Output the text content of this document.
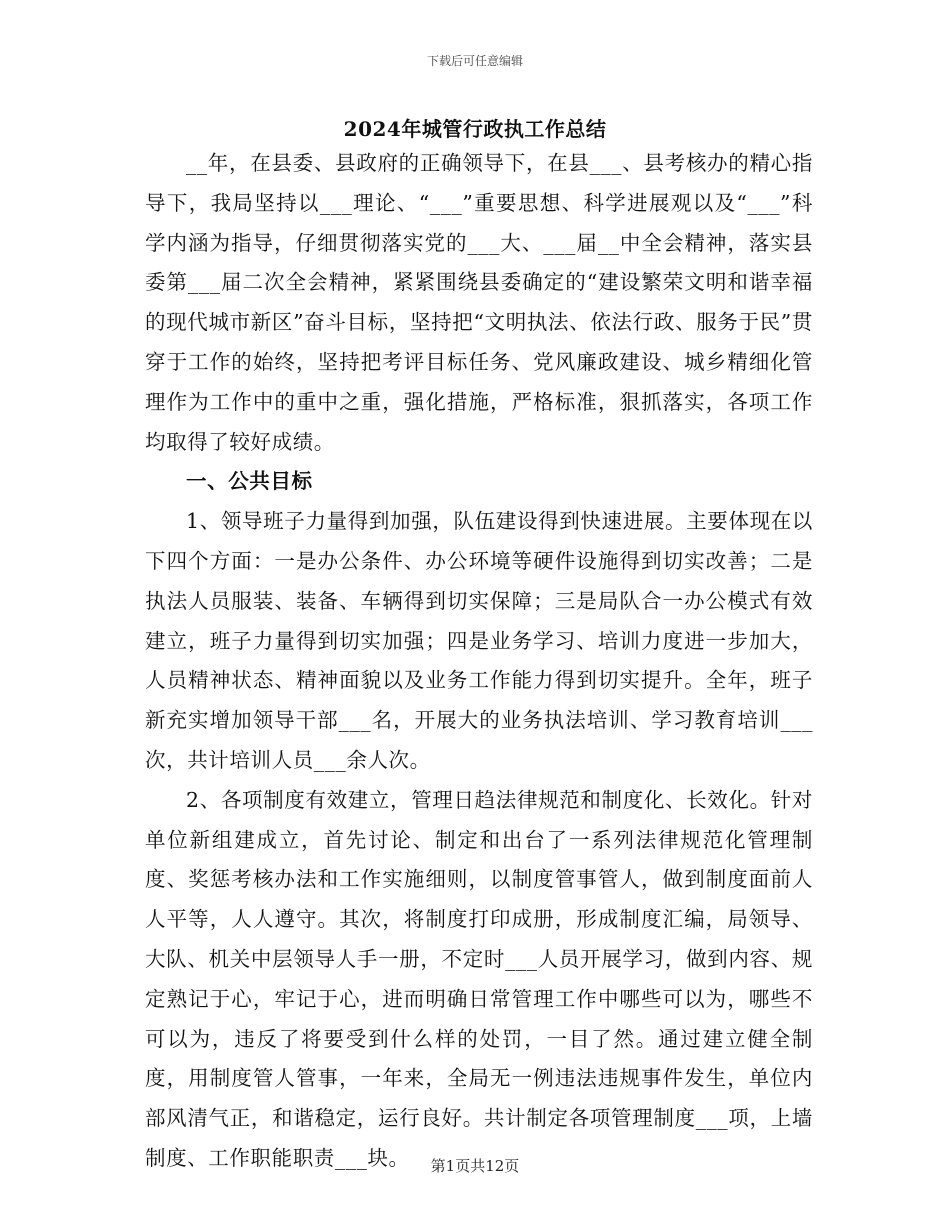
下载后可任意编辑
2024年城管行政执工作总结

__年，在县委、县政府的正确领导下，在县___、县考核办的精心指导下，我局坚持以___理论、“___”重要思想、科学进展观以及“___”科学内涵为指导，仔细贯彻落实党的___大、___届__中全会精神，落实县委第___届二次全会精神，紧紧围绕县委确定的“建设繁荣文明和谐幸福的现代城市新区”奋斗目标，坚持把“文明执法、依法行政、服务于民”贯穿于工作的始终，坚持把考评目标任务、党风廉政建设、城乡精细化管理作为工作中的重中之重，强化措施，严格标准，狠抓落实，各项工作均取得了较好成绩。

一、公共目标

1、领导班子力量得到加强，队伍建设得到快速进展。主要体现在以下四个方面：一是办公条件、办公环境等硬件设施得到切实改善；二是执法人员服装、装备、车辆得到切实保障；三是局队合一办公模式有效建立，班子力量得到切实加强；四是业务学习、培训力度进一步加大，人员精神状态、精神面貌以及业务工作能力得到切实提升。全年，班子新充实增加领导干部___名，开展大的业务执法培训、学习教育培训___次，共计培训人员___余人次。

2、各项制度有效建立，管理日趋法律规范和制度化、长效化。针对单位新组建成立，首先讨论、制定和出台了一系列法律规范化管理制度、奖惩考核办法和工作实施细则，以制度管事管人，做到制度面前人人平等，人人遵守。其次，将制度打印成册，形成制度汇编，局领导、大队、机关中层领导人手一册，不定时___人员开展学习，做到内容、规定熟记于心，牢记于心，进而明确日常管理工作中哪些可以为，哪些不可以为，违反了将要受到什么样的处罚，一目了然。通过建立健全制度，用制度管人管事，一年来，全局无一例违法违规事件发生，单位内部风清气正，和谐稳定，运行良好。共计制定各项管理制度___项，上墙制度、工作职能职责___块。	第1页共12页
